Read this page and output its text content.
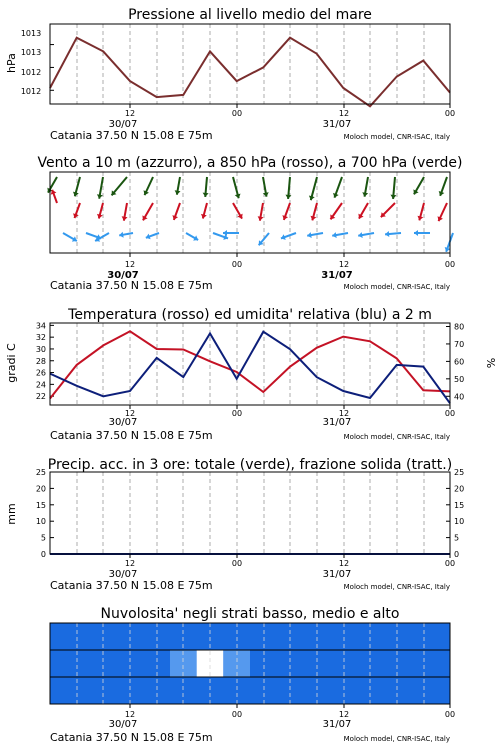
Pressione al livello medio del mare
hPa
1012
1012
1013
1013
12	00	12	00
30/07	31/07
Catania 37.50 N 15.08 E 75m	Moloch model, CNR-ISAC, Italy
Vento a 10 m (azzurro), a 850 hPa (rosso), a 700 hPa (verde)
12	00	12	00
30/07	31/07
Catania 37.50 N 15.08 E 75m	Moloch model, CNR-ISAC, Italy
Temperatura (rosso) ed umidita' relativa (blu) a 2 m
gradi C	%
22
24
26
28
30
32
34
40
50
60
70
80
12	00	12	00
30/07	31/07
Catania 37.50 N 15.08 E 75m	Moloch model, CNR-ISAC, Italy
Precip. acc. in 3 ore: totale (verde), frazione solida (tratt.)
mm
0	0
5	5
10	10
15	15
20	20
25	25
12	00	12	00
30/07	31/07
Catania 37.50 N 15.08 E 75m	Moloch model, CNR-ISAC, Italy
Nuvolosita' negli strati basso, medio e alto
12	00	12	00
30/07	31/07
Catania 37.50 N 15.08 E 75m	Moloch model, CNR-ISAC, Italy
